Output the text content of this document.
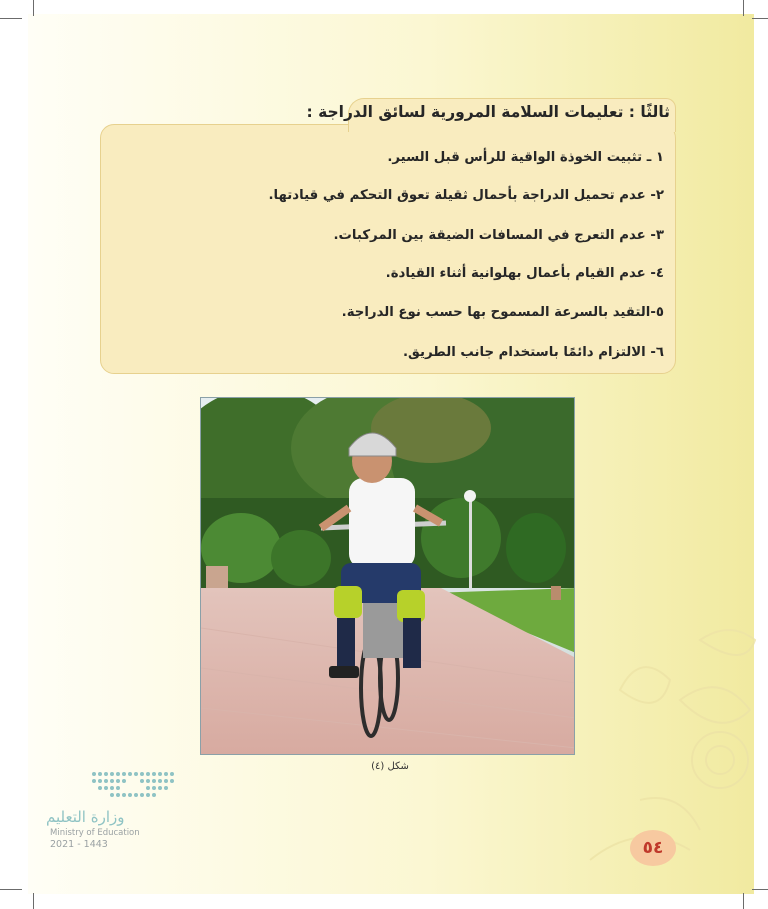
ثالثًا : تعليمات السلامة المرورية لسائق الدراجة :
١ ـ تثبيت الخوذة الواقية للرأس قبل السير.
٢- عدم تحميل الدراجة بأحمال ثقيلة تعوق التحكم في قيادتها.
٣- عدم التعرج في المسافات الضيقة بين المركبات.
٤- عدم القيام بأعمال بهلوانية أثناء القيادة.
٥-التقيد بالسرعة المسموح بها حسب نوع الدراجة.
٦- الالتزام دائمًا باستخدام جانب الطريق.
شكل (٤)
وزارة التعليم
Ministry of Education
2021 - 1443	٥٤
